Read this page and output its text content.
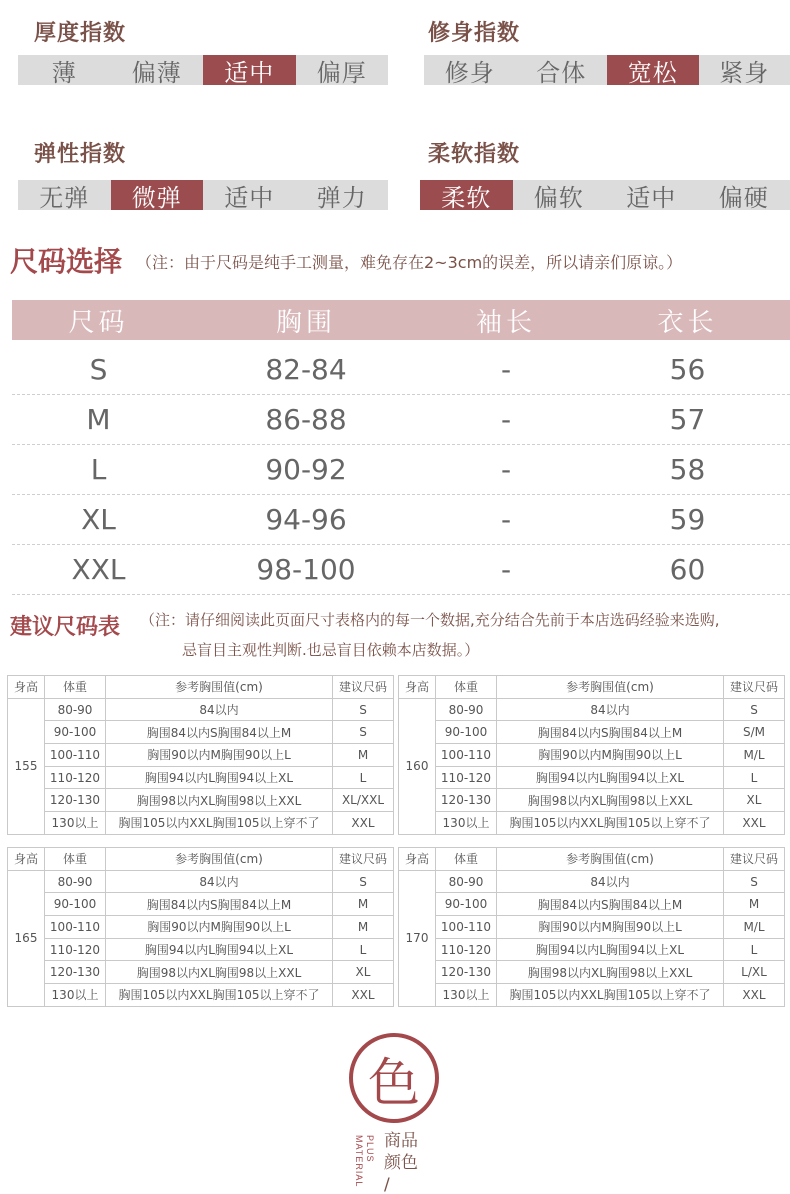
厚度指数
薄	偏薄	适中	偏厚
修身指数
修身	合体	宽松	紧身
弹性指数
无弹	微弹	适中	弹力
柔软指数
柔软	偏软	适中	偏硬
尺码选择 （注：由于尺码是纯手工测量，难免存在2~3cm的误差，所以请亲们原谅。）
尺码	胸围	袖长	衣长
S	82-84	-	56
M	86-88	-	57
L	90-92	-	58
XL	94-96	-	59
XXL	98-100	-	60
建议尺码表 （注：请仔细阅读此页面尺寸表格内的每一个数据,充分结合先前于本店选码经验来选购,
忌盲目主观性判断.也忌盲目依赖本店数据。）
身高	体重	参考胸围值(cm)	建议尺码
155	80-90	84以内	S
	90-100	胸围84以内S胸围84以上M	S
	100-110	胸围90以内M胸围90以上L	M
	110-120	胸围94以内L胸围94以上XL	L
	120-130	胸围98以内XL胸围98以上XXL	XL/XXL
	130以上	胸围105以内XXL胸围105以上穿不了	XXL
身高	体重	参考胸围值(cm)	建议尺码
160	80-90	84以内	S
	90-100	胸围84以内S胸围84以上M	S/M
	100-110	胸围90以内M胸围90以上L	M/L
	110-120	胸围94以内L胸围94以上XL	L
	120-130	胸围98以内XL胸围98以上XXL	XL
	130以上	胸围105以内XXL胸围105以上穿不了	XXL
身高	体重	参考胸围值(cm)	建议尺码
165	80-90	84以内	S
	90-100	胸围84以内S胸围84以上M	M
	100-110	胸围90以内M胸围90以上L	M
	110-120	胸围94以内L胸围94以上XL	L
	120-130	胸围98以内XL胸围98以上XXL	XL
	130以上	胸围105以内XXL胸围105以上穿不了	XXL
身高	体重	参考胸围值(cm)	建议尺码
170	80-90	84以内	S
	90-100	胸围84以内S胸围84以上M	M
	100-110	胸围90以内M胸围90以上L	M/L
	110-120	胸围94以内L胸围94以上XL	L
	120-130	胸围98以内XL胸围98以上XXL	L/XL
	130以上	胸围105以内XXL胸围105以上穿不了	XXL
色
PLUS MATERIAL	商品
颜色
/
